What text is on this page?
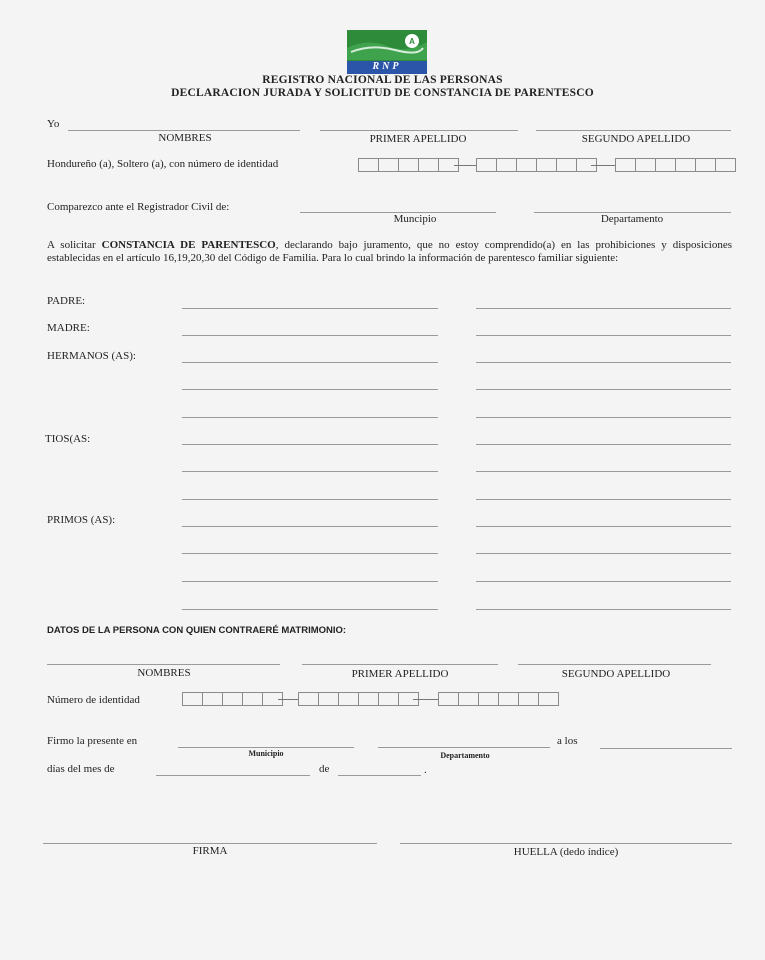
A
RNP
REGISTRO NACIONAL DE LAS PERSONAS
DECLARACION JURADA Y SOLICITUD DE CONSTANCIA DE PARENTESCO
Yo
NOMBRES	PRIMER APELLIDO	SEGUNDO APELLIDO
Hondureño (a), Soltero (a), con número de identidad
Comparezco ante el Registrador Civil de:
Muncipio	Departamento
A solicitar CONSTANCIA DE PARENTESCO, declarando bajo juramento, que no estoy comprendido(a) en las prohibiciones y disposiciones establecidas en el artículo 16,19,20,30 del Código de Familia. Para lo cual brindo la información de parentesco familiar siguiente:
PADRE:
MADRE:
HERMANOS (AS):
TIOS(AS:
PRIMOS (AS):
DATOS DE LA PERSONA CON QUIEN CONTRAERÉ MATRIMONIO:
NOMBRES	PRIMER APELLIDO	SEGUNDO APELLIDO
Número de identidad
Firmo la presente en	a los
Municipio	Departamento
días del mes de	de	.
FIRMA	HUELLA (dedo índice)
